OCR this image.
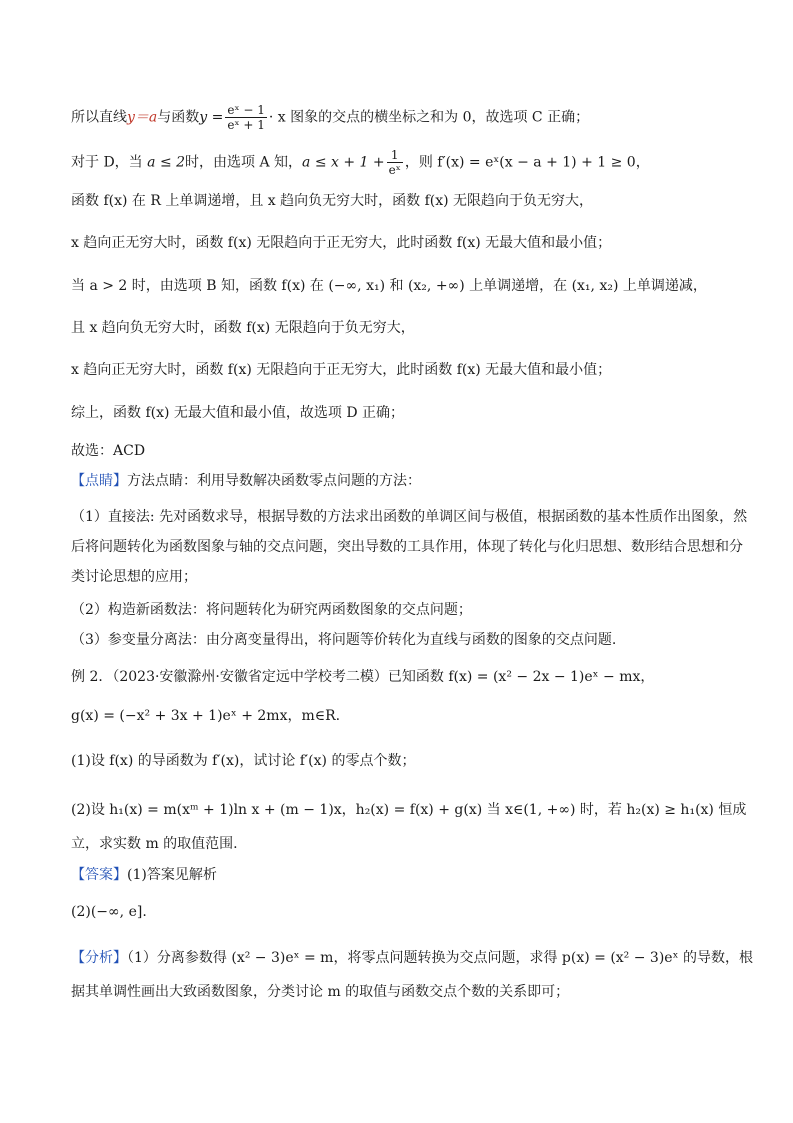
所以直线y＝a与函数$y = \frac{\text{eˣ − 1}}{\text{eˣ + 1}} \cdot x$ 图象的交点的横坐标之和为 0，故选项 C 正确；
对于 D，当 a ≤ 2时，由选项 A 知，$a \le x + 1 + \frac{1}{\text{eˣ}}$ ，则 f′(x) = eˣ(x − a + 1) + 1 ≥ 0，
函数 f(x) 在 R 上单调递增，且 x 趋向负无穷大时，函数 f(x) 无限趋向于负无穷大，
x 趋向正无穷大时，函数 f(x) 无限趋向于正无穷大，此时函数 f(x) 无最大值和最小值；
当 a > 2 时，由选项 B 知，函数 f(x) 在 (−∞, x₁) 和 (x₂, +∞) 上单调递增，在 (x₁, x₂) 上单调递减，
且 x 趋向负无穷大时，函数 f(x) 无限趋向于负无穷大，
x 趋向正无穷大时，函数 f(x) 无限趋向于正无穷大，此时函数 f(x) 无最大值和最小值；
综上，函数 f(x) 无最大值和最小值，故选项 D 正确；
故选：ACD
【点睛】方法点睛：利用导数解决函数零点问题的方法：
（1）直接法: 先对函数求导，根据导数的方法求出函数的单调区间与极值，根据函数的基本性质作出图象，然后将问题转化为函数图象与轴的交点问题，突出导数的工具作用，体现了转化与化归思想、数形结合思想和分类讨论思想的应用；
（2）构造新函数法：将问题转化为研究两函数图象的交点问题；
（3）参变量分离法：由分离变量得出，将问题等价转化为直线与函数的图象的交点问题.
例 2．（2023·安徽滁州·安徽省定远中学校考二模）已知函数 f(x) = (x² − 2x − 1)eˣ − mx，
g(x) = (−x² + 3x + 1)eˣ + 2mx，m∈R.
(1)设 f(x) 的导函数为 f′(x)，试讨论 f′(x) 的零点个数；
(2)设 h₁(x) = m(xᵐ + 1)ln x + (m − 1)x，h₂(x) = f(x) + g(x) 当 x∈(1, +∞) 时，若 h₂(x) ≥ h₁(x) 恒成立，求实数 m 的取值范围.
【答案】(1)答案见解析
(2)(−∞, e].
【分析】（1）分离参数得 (x² − 3)eˣ = m，将零点问题转换为交点问题，求得 p(x) = (x² − 3)eˣ 的导数，根据其单调性画出大致函数图象，分类讨论 m 的取值与函数交点个数的关系即可；
